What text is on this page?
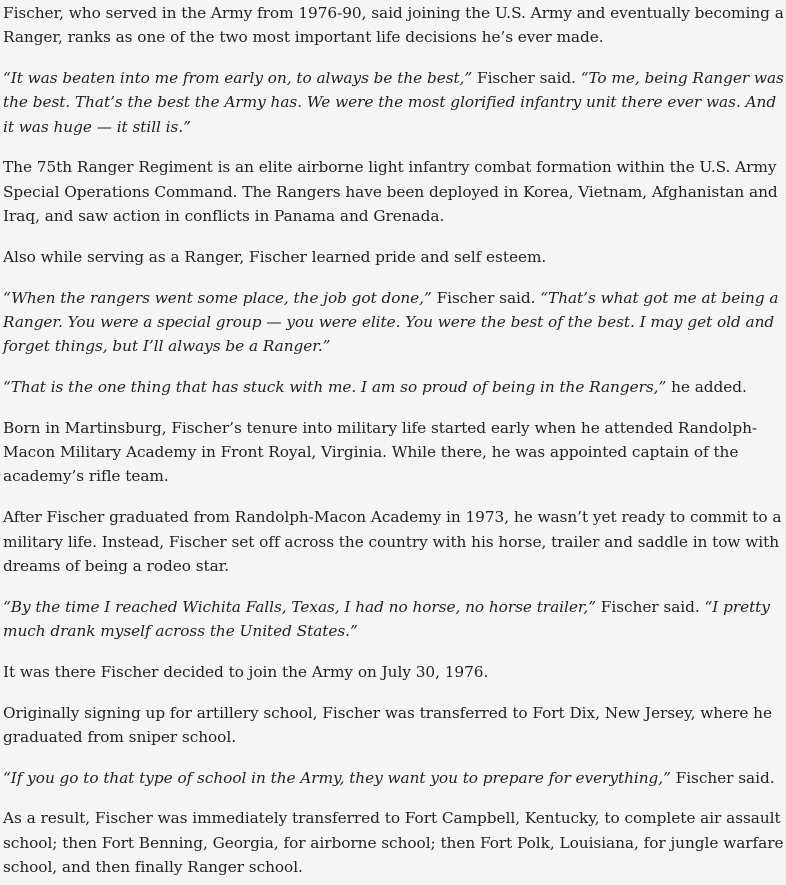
Fischer, who served in the Army from 1976-90, said joining the U.S. Army and eventually becoming a Ranger, ranks as one of the two most important life decisions he’s ever made.

“It was beaten into me from early on, to always be the best,” Fischer said. “To me, being Ranger was the best. That’s the best the Army has. We were the most glorified infantry unit there ever was. And it was huge — it still is.”

The 75th Ranger Regiment is an elite airborne light infantry combat formation within the U.S. Army Special Operations Command. The Rangers have been deployed in Korea, Vietnam, Afghanistan and Iraq, and saw action in conflicts in Panama and Grenada.

Also while serving as a Ranger, Fischer learned pride and self esteem.

“When the rangers went some place, the job got done,” Fischer said. “That’s what got me at being a Ranger. You were a special group — you were elite. You were the best of the best. I may get old and forget things, but I’ll always be a Ranger.”

“That is the one thing that has stuck with me. I am so proud of being in the Rangers,” he added.

Born in Martinsburg, Fischer’s tenure into military life started early when he attended Randolph-Macon Military Academy in Front Royal, Virginia. While there, he was appointed captain of the academy’s rifle team.

After Fischer graduated from Randolph-Macon Academy in 1973, he wasn’t yet ready to commit to a military life. Instead, Fischer set off across the country with his horse, trailer and saddle in tow with dreams of being a rodeo star.

“By the time I reached Wichita Falls, Texas, I had no horse, no horse trailer,” Fischer said. “I pretty much drank myself across the United States.”

It was there Fischer decided to join the Army on July 30, 1976.

Originally signing up for artillery school, Fischer was transferred to Fort Dix, New Jersey, where he graduated from sniper school.

“If you go to that type of school in the Army, they want you to prepare for everything,” Fischer said.

As a result, Fischer was immediately transferred to Fort Campbell, Kentucky, to complete air assault school; then Fort Benning, Georgia, for airborne school; then Fort Polk, Louisiana, for jungle warfare school, and then finally Ranger school.
